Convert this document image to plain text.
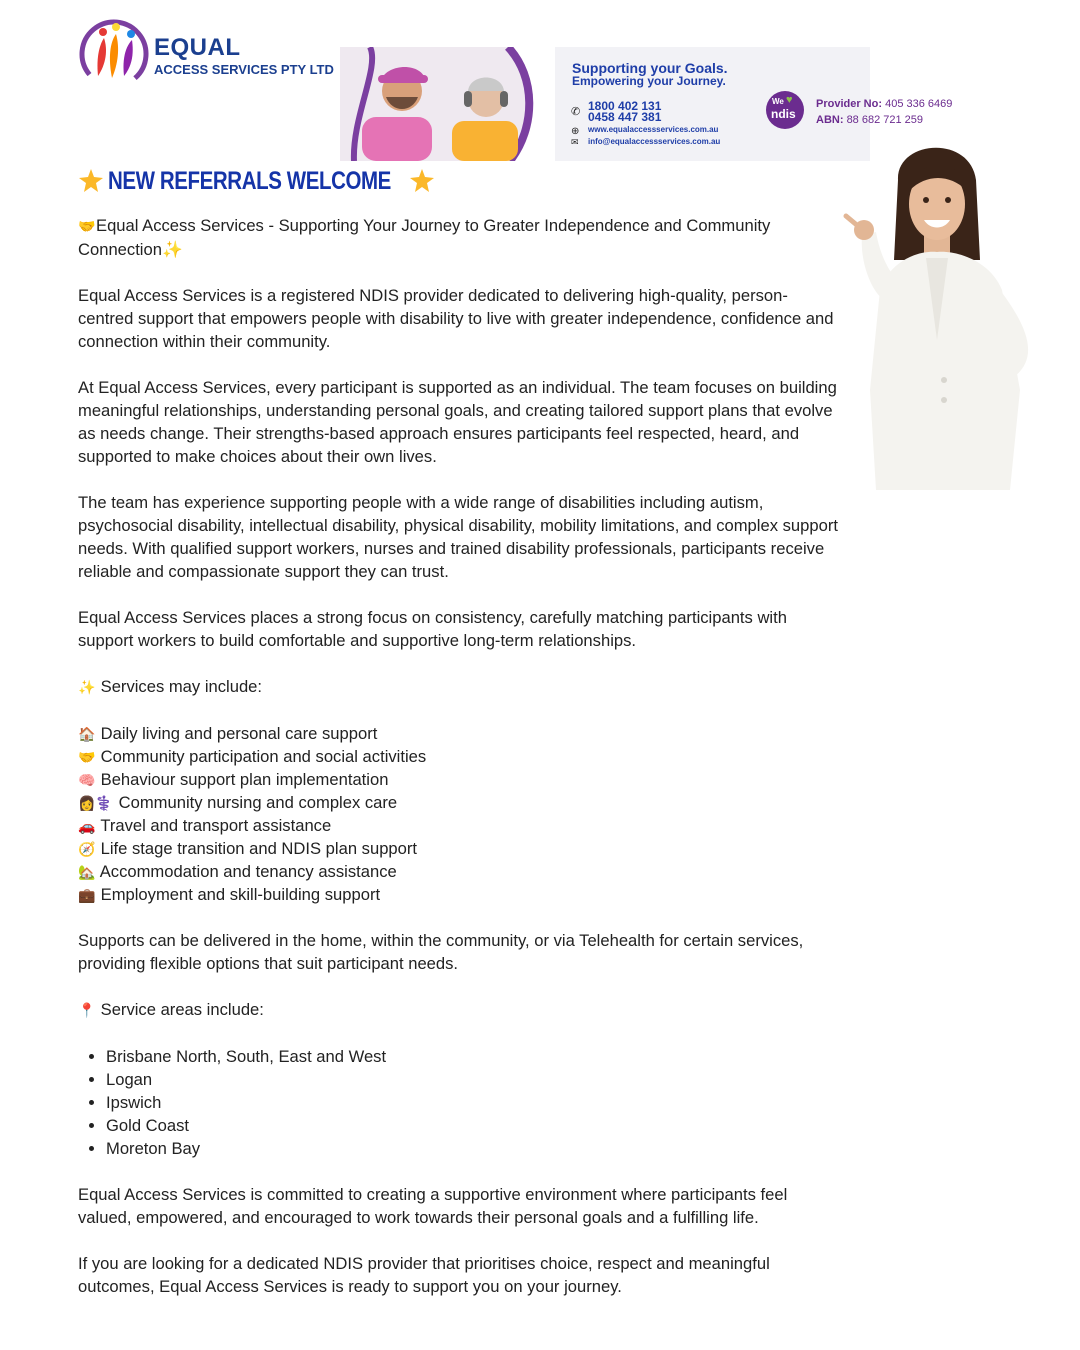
EQUAL
ACCESS SERVICES PTY LTD	Supporting your Goals.
Empowering your Journey.
✆ 1800 402 131
0458 447 381
⊕ www.equalaccessservices.com.au
✉ info@equalaccessservices.com.au
We ♥
ndis
Provider No: 405 336 6469
ABN: 88 682 721 259
NEW REFERRALS WELCOME

🤝Equal Access Services - Supporting Your Journey to Greater Independence and Community Connection✨

Equal Access Services is a registered NDIS provider dedicated to delivering high-quality, person-centred support that empowers people with disability to live with greater independence, confidence and connection within their community.

At Equal Access Services, every participant is supported as an individual. The team focuses on building meaningful relationships, understanding personal goals, and creating tailored support plans that evolve as needs change. Their strengths-based approach ensures participants feel respected, heard, and supported to make choices about their own lives.

The team has experience supporting people with a wide range of disabilities including autism, psychosocial disability, intellectual disability, physical disability, mobility limitations, and complex support needs. With qualified support workers, nurses and trained disability professionals, participants receive reliable and compassionate support they can trust.

Equal Access Services places a strong focus on consistency, carefully matching participants with support workers to build comfortable and supportive long-term relationships.

✨ Services may include:

🏠 Daily living and personal care support
🤝 Community participation and social activities
🧠 Behaviour support plan implementation
👩⚕️ Community nursing and complex care
🚗 Travel and transport assistance
🧭 Life stage transition and NDIS plan support
🏡 Accommodation and tenancy assistance
💼 Employment and skill-building support

Supports can be delivered in the home, within the community, or via Telehealth for certain services, providing flexible options that suit participant needs.

📍 Service areas include:

• Brisbane North, South, East and West
• Logan
• Ipswich
• Gold Coast
• Moreton Bay

Equal Access Services is committed to creating a supportive environment where participants feel valued, empowered, and encouraged to work towards their personal goals and a fulfilling life.

If you are looking for a dedicated NDIS provider that prioritises choice, respect and meaningful outcomes, Equal Access Services is ready to support you on your journey.
